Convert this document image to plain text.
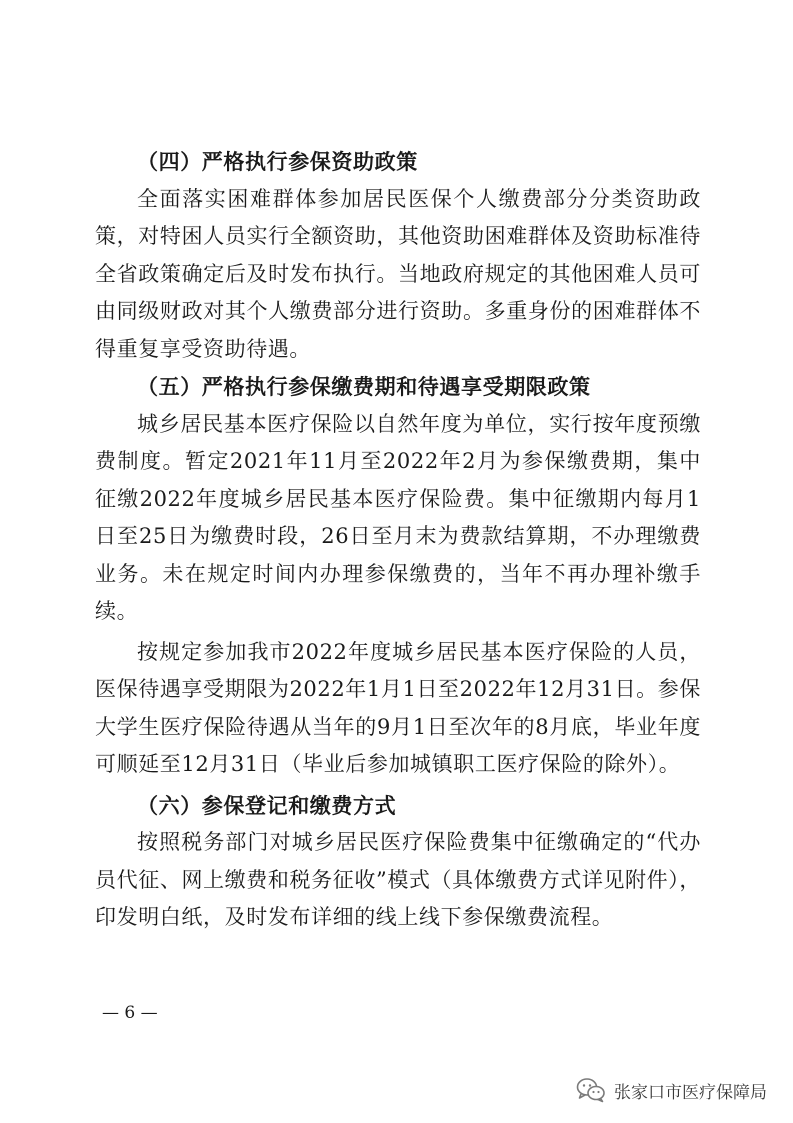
（四）严格执行参保资助政策

全面落实困难群体参加居民医保个人缴费部分分类资助政策，对特困人员实行全额资助，其他资助困难群体及资助标准待全省政策确定后及时发布执行。当地政府规定的其他困难人员可由同级财政对其个人缴费部分进行资助。多重身份的困难群体不得重复享受资助待遇。

（五）严格执行参保缴费期和待遇享受期限政策

城乡居民基本医疗保险以自然年度为单位，实行按年度预缴费制度。暂定2021年11月至2022年2月为参保缴费期，集中征缴2022年度城乡居民基本医疗保险费。集中征缴期内每月1日至25日为缴费时段，26日至月末为费款结算期，不办理缴费业务。未在规定时间内办理参保缴费的，当年不再办理补缴手续。

按规定参加我市2022年度城乡居民基本医疗保险的人员，医保待遇享受期限为2022年1月1日至2022年12月31日。参保大学生医疗保险待遇从当年的9月1日至次年的8月底，毕业年度可顺延至12月31日（毕业后参加城镇职工医疗保险的除外）。

（六）参保登记和缴费方式

按照税务部门对城乡居民医疗保险费集中征缴确定的“代办员代征、网上缴费和税务征收”模式（具体缴费方式详见附件），印发明白纸，及时发布详细的线上线下参保缴费流程。

— 6 —
张家口市医疗保障局
